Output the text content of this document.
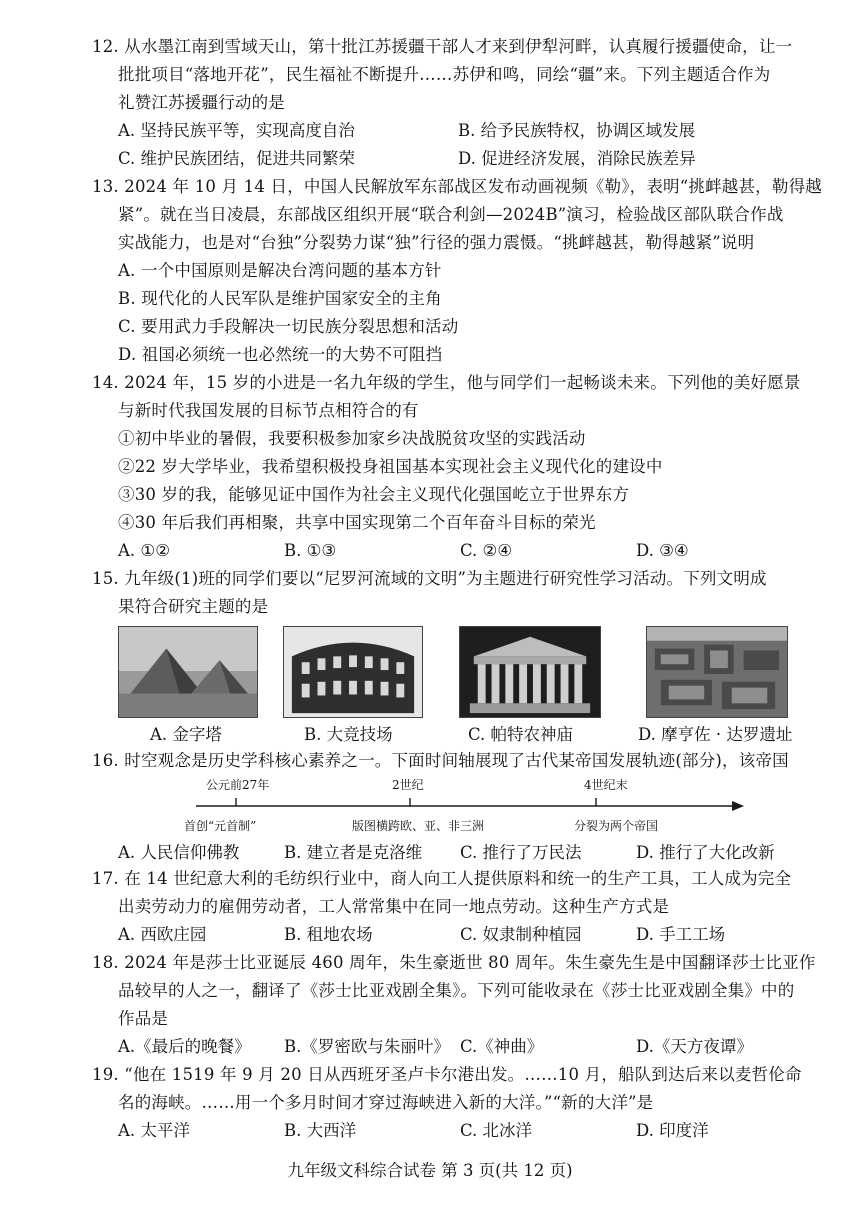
12. 从水墨江南到雪域天山，第十批江苏援疆干部人才来到伊犁河畔，认真履行援疆使命，让一
批批项目“落地开花”，民生福祉不断提升……苏伊和鸣，同绘“疆”来。下列主题适合作为
礼赞江苏援疆行动的是
A. 坚持民族平等，实现高度自治	B. 给予民族特权，协调区域发展
C. 维护民族团结，促进共同繁荣	D. 促进经济发展，消除民族差异
13. 2024 年 10 月 14 日，中国人民解放军东部战区发布动画视频《勒》，表明“挑衅越甚，勒得越
紧”。就在当日凌晨，东部战区组织开展“联合利剑—2024B”演习，检验战区部队联合作战
实战能力，也是对“台独”分裂势力谋“独”行径的强力震慑。“挑衅越甚，勒得越紧”说明
A. 一个中国原则是解决台湾问题的基本方针
B. 现代化的人民军队是维护国家安全的主角
C. 要用武力手段解决一切民族分裂思想和活动
D. 祖国必须统一也必然统一的大势不可阻挡
14. 2024 年，15 岁的小进是一名九年级的学生，他与同学们一起畅谈未来。下列他的美好愿景
与新时代我国发展的目标节点相符合的有
①初中毕业的暑假，我要积极参加家乡决战脱贫攻坚的实践活动
②22 岁大学毕业，我希望积极投身祖国基本实现社会主义现代化的建设中
③30 岁的我，能够见证中国作为社会主义现代化强国屹立于世界东方
④30 年后我们再相聚，共享中国实现第二个百年奋斗目标的荣光
A. ①②	B. ①③	C. ②④	D. ③④
15. 九年级(1)班的同学们要以“尼罗河流域的文明”为主题进行研究性学习活动。下列文明成
果符合研究主题的是
A. 金字塔	B. 大竞技场	C. 帕特农神庙	D. 摩亨佐 · 达罗遗址
16. 时空观念是历史学科核心素养之一。下面时间轴展现了古代某帝国发展轨迹(部分)，该帝国
公元前27年	2世纪	4世纪末
首创“元首制”	版图横跨欧、亚、非三洲	分裂为两个帝国
A. 人民信仰佛教	B. 建立者是克洛维 C. 推行了万民法	D. 推行了大化改新
17. 在 14 世纪意大利的毛纺织行业中，商人向工人提供原料和统一的生产工具，工人成为完全
出卖劳动力的雇佣劳动者，工人常常集中在同一地点劳动。这种生产方式是
A. 西欧庄园	B. 租地农场	C. 奴隶制种植园	D. 手工工场
18. 2024 年是莎士比亚诞辰 460 周年，朱生豪逝世 80 周年。朱生豪先生是中国翻译莎士比亚作
品较早的人之一，翻译了《莎士比亚戏剧全集》。下列可能收录在《莎士比亚戏剧全集》中的
作品是
A.《最后的晚餐》 B.《罗密欧与朱丽叶》 C.《神曲》	D.《天方夜谭》
19. “他在 1519 年 9 月 20 日从西班牙圣卢卡尔港出发。……10 月，船队到达后来以麦哲伦命
名的海峡。……用一个多月时间才穿过海峡进入新的大洋。”“新的大洋”是
A. 太平洋	B. 大西洋	C. 北冰洋	D. 印度洋
九年级文科综合试卷 第 3 页(共 12 页)
